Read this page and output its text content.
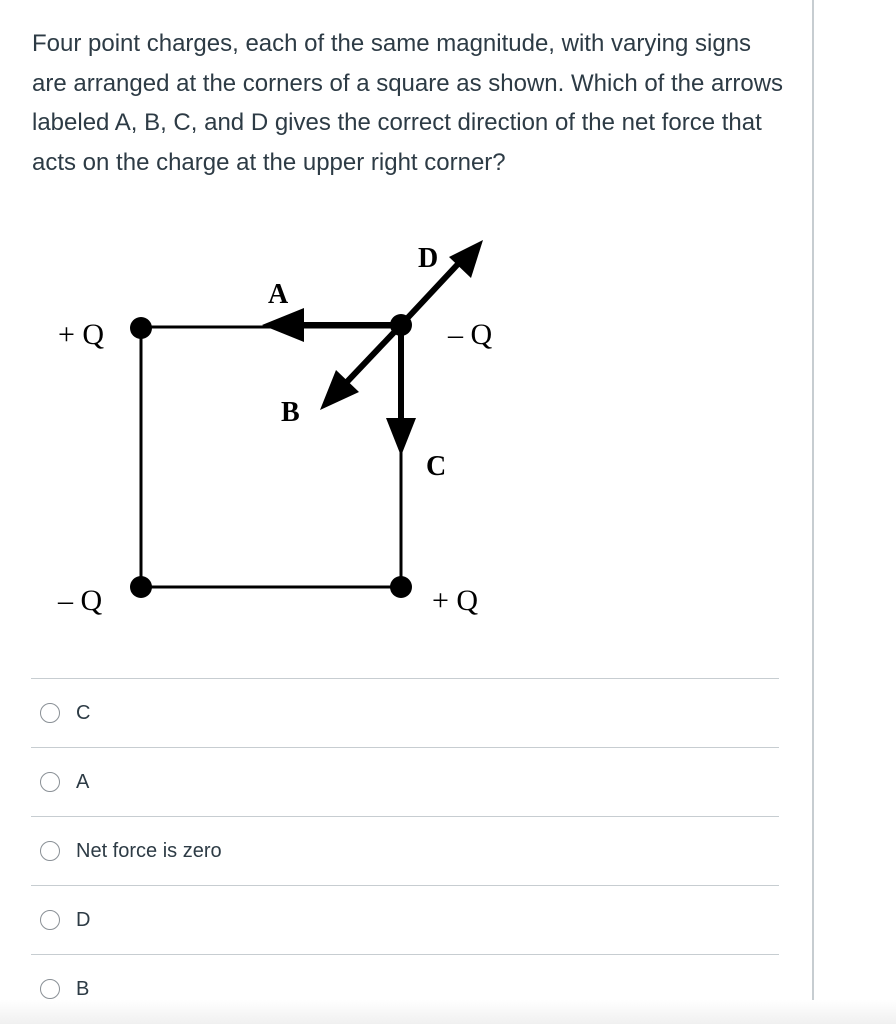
Four point charges, each of the same magnitude, with varying signs are arranged at the corners of a square as shown. Which of the arrows labeled A, B, C, and D gives the correct direction of the net force that acts on the charge at the upper right corner?

+ Q	– Q
– Q	+ Q
A
B
C
D
C
A
Net force is zero
D
B
